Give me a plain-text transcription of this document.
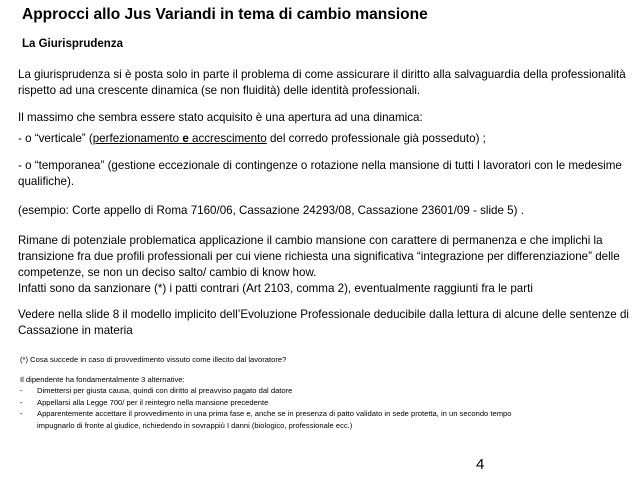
Approcci allo Jus Variandi in tema di cambio mansione
La Giurisprudenza

La giurisprudenza si è posta solo in parte il problema di come assicurare il diritto alla salvaguardia della professionalità rispetto ad una crescente dinamica (se non fluidità) delle identità professionali.

Il massimo che sembra essere stato acquisito è una apertura ad una dinamica:

- o “verticale” (perfezionamento e accrescimento del corredo professionale già posseduto) ;

- o “temporanea” (gestione eccezionale di contingenze o rotazione nella mansione di tutti I lavoratori con le medesime qualifiche).

(esempio: Corte appello di Roma 7160/06, Cassazione 24293/08, Cassazione 23601/09 - slide 5) .

Rimane di potenziale problematica applicazione il cambio mansione con carattere di permanenza e che implichi la transizione fra due profili professionali per cui viene richiesta una significativa “integrazione per differenziazione” delle competenze, se non un deciso salto/ cambio di know how.

Infatti sono da sanzionare (*) i patti contrari (Art 2103, comma 2), eventualmente raggiunti fra le parti

Vedere nella slide 8 il modello implicito dell’Evoluzione Professionale deducibile dalla lettura di alcune delle sentenze di Cassazione in materia

(*) Cosa succede in caso di provvedimento vissuto come illecito dal lavoratore?

Il dipendente ha fondamentalmente 3 alternative:

-	Dimettersi per giusta causa, quindi con diritto al preavviso pagato dal datore
-	Appellarsi alla Legge 700/ per il reintegro nella mansione precedente
-	Apparentemente accettare il provvedimento in una prima fase e, anche se in presenza di patto validato in sede protetta, in un secondo tempo

impugnarlo di fronte al giudice, richiedendo in sovrappiù I danni (biologico, professionale ecc.)

4
